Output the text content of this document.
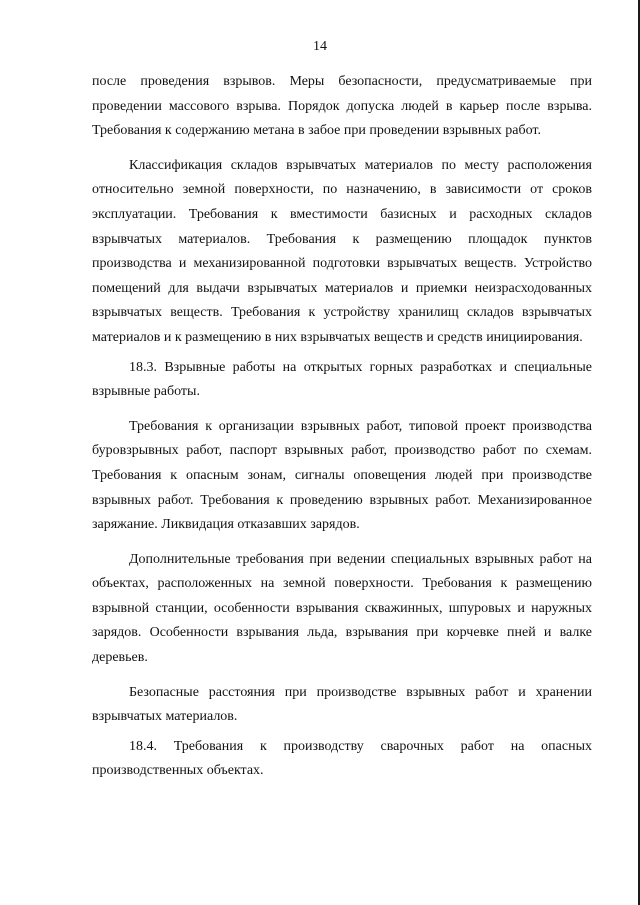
14

после проведения взрывов. Меры безопасности, предусматриваемые при проведении массового взрыва. Порядок допуска людей в карьер после взрыва. Требования к содержанию метана в забое при проведении взрывных работ.

Классификация складов взрывчатых материалов по месту расположения относительно земной поверхности, по назначению, в зависимости от сроков эксплуатации. Требования к вместимости базисных и расходных складов взрывчатых материалов. Требования к размещению площадок пунктов производства и механизированной подготовки взрывчатых веществ. Устройство помещений для выдачи взрывчатых материалов и приемки неизрасходованных взрывчатых веществ. Требования к устройству хранилищ складов взрывчатых материалов и к размещению в них взрывчатых веществ и средств инициирования.

18.3. Взрывные работы на открытых горных разработках и специальные взрывные работы.

Требования к организации взрывных работ, типовой проект производства буровзрывных работ, паспорт взрывных работ, производство работ по схемам. Требования к опасным зонам, сигналы оповещения людей при производстве взрывных работ. Требования к проведению взрывных работ. Механизированное заряжание. Ликвидация отказавших зарядов.

Дополнительные требования при ведении специальных взрывных работ на объектах, расположенных на земной поверхности. Требования к размещению взрывной станции, особенности взрывания скважинных, шпуровых и наружных зарядов. Особенности взрывания льда, взрывания при корчевке пней и валке деревьев.

Безопасные расстояния при производстве взрывных работ и хранении взрывчатых материалов.

18.4. Требования к производству сварочных работ на опасных производственных объектах.
